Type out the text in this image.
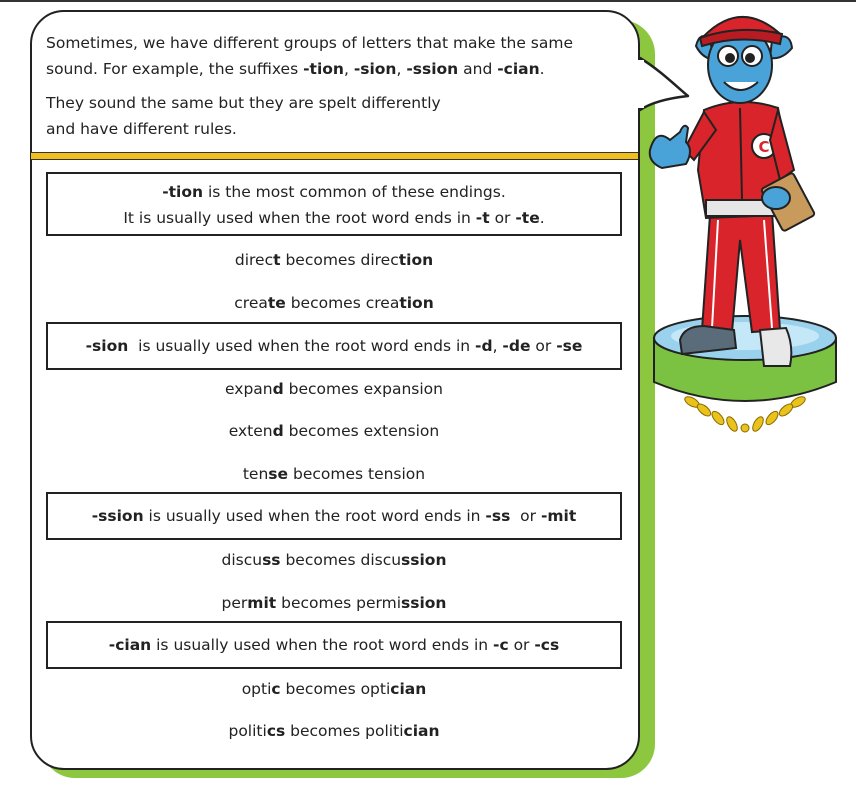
Sometimes, we have different groups of letters that make the same
sound. For example, the suffixes -tion, -sion, -ssion and -cian.

They sound the same but they are spelt differently
and have different rules.

-tion is the most common of these endings.
It is usually used when the root word ends in -t or -te.
direct becomes direction
create becomes creation
-sion  is usually used when the root word ends in -d, -de or -se
expand becomes expansion
extend becomes extension
tense becomes tension
-ssion is usually used when the root word ends in -ss  or -mit
discuss becomes discussion
permit becomes permission
-cian is usually used when the root word ends in -c or -cs
optic becomes optician
politics becomes politician
C
